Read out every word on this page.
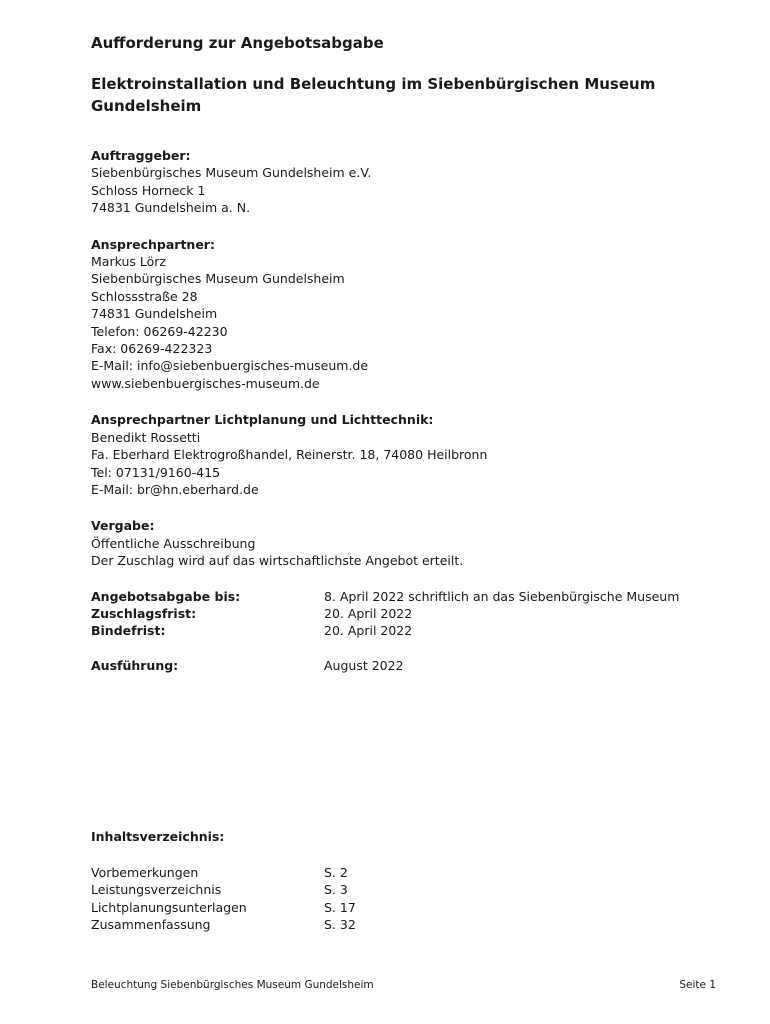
Aufforderung zur Angebotsabgabe
Elektroinstallation und Beleuchtung im Siebenbürgischen Museum Gundelsheim
Auftraggeber:
Siebenbürgisches Museum Gundelsheim e.V.
Schloss Horneck 1
74831 Gundelsheim a. N.
Ansprechpartner:
Markus Lörz
Siebenbürgisches Museum Gundelsheim
Schlossstraße 28
74831 Gundelsheim
Telefon: 06269-42230
Fax: 06269-422323
E-Mail: info@siebenbuergisches-museum.de
www.siebenbuergisches-museum.de
Ansprechpartner Lichtplanung und Lichttechnik:
Benedikt Rossetti
Fa. Eberhard Elektrogroßhandel, Reinerstr. 18, 74080 Heilbronn
Tel: 07131/9160-415
E-Mail: br@hn.eberhard.de
Vergabe:
Öffentliche Ausschreibung
Der Zuschlag wird auf das wirtschaftlichste Angebot erteilt.
Angebotsabgabe bis:	8. April 2022 schriftlich an das Siebenbürgische Museum
Zuschlagsfrist:	20. April 2022
Bindefrist:	20. April 2022
Ausführung:	August 2022
Inhaltsverzeichnis:
Vorbemerkungen	S. 2
Leistungsverzeichnis	S. 3
Lichtplanungsunterlagen	S. 17
Zusammenfassung	S. 32
Beleuchtung Siebenbürgisches Museum Gundelsheim	Seite 1
